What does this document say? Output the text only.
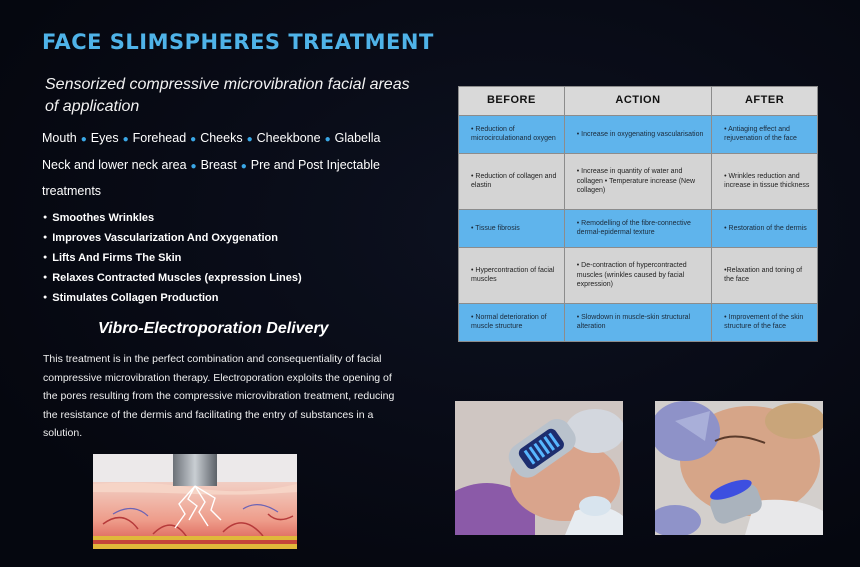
FACE SLIMSPHERES TREATMENT
Sensorized compressive microvibration facial areas of application
Mouth ● Eyes ● Forehead ● Cheeks ● Cheekbone ● Glabella
Neck and lower neck area ● Breast ● Pre and Post Injectable treatments
● Smoothes Wrinkles
● Improves Vascularization And Oxygenation
● Lifts And Firms The Skin
● Relaxes Contracted Muscles (expression Lines)
● Stimulates Collagen Production
Vibro-Electroporation Delivery
This treatment is in the perfect combination and consequentiality of facial compressive microvibration therapy. Electroporation exploits the opening of the pores resulting from the compressive microvibration treatment, reducing the resistance of the dermis and facilitating the entry of substances in a solution.
BEFORE	ACTION	AFTER
• Reduction of microcirculationand oxygen	• Increase in oxygenating vascularisation	• Antiaging effect and rejuvenation of the face
• Reduction of collagen and elastin	• Increase in quantity of water and collagen • Temperature increase (New collagen)	• Wrinkles reduction and increase in tissue thickness
• Tissue fibrosis	• Remodelling of the fibre-connective dermal-epidermal texture	• Restoration of the dermis
• Hypercontraction of facial muscles	• De-contraction of hypercontracted muscles (wrinkles caused by facial expression)	•Relaxation and toning of the face
• Normal deterioration of muscle structure	• Slowdown in muscle-skin structural alteration	• Improvement of the skin structure of the face
